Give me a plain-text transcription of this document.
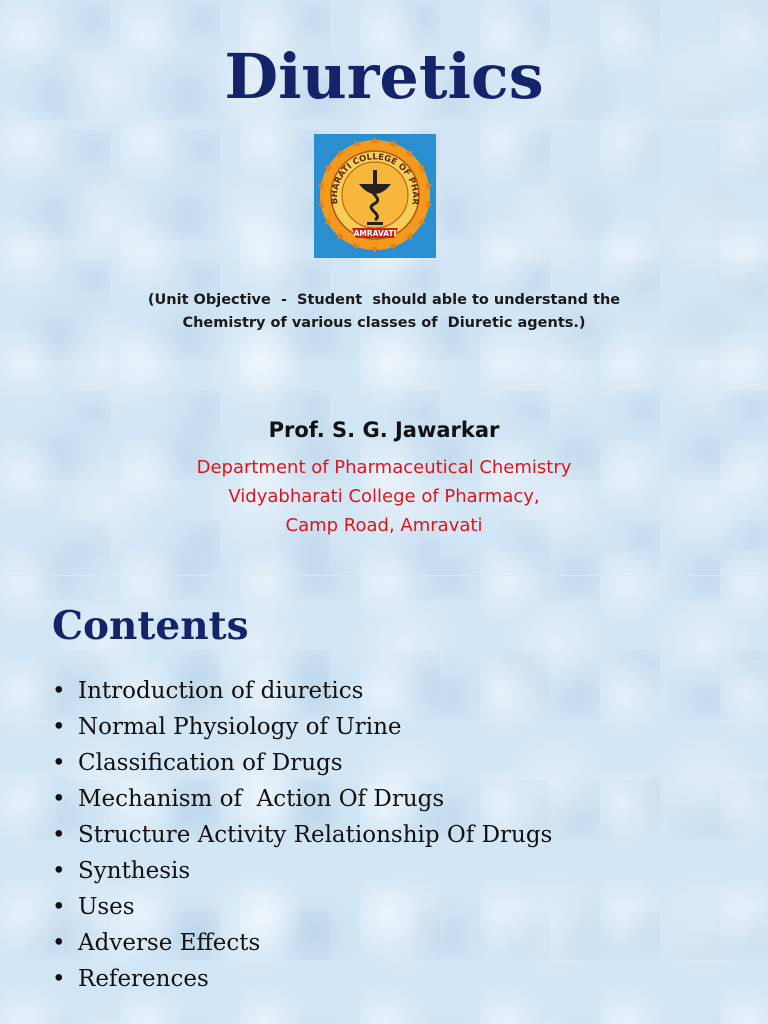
Diuretics
BHARATI COLLEGE OF PHAR
AMRAVATI
(Unit Objective  -  Student  should able to understand the
Chemistry of various classes of  Diuretic agents.)
Prof. S. G. Jawarkar
Department of Pharmaceutical Chemistry
Vidyabharati College of Pharmacy,
Camp Road, Amravati
Contents
• Introduction of diuretics
• Normal Physiology of Urine
• Classification of Drugs
• Mechanism of  Action Of Drugs
• Structure Activity Relationship Of Drugs
• Synthesis
• Uses
• Adverse Effects
• References
